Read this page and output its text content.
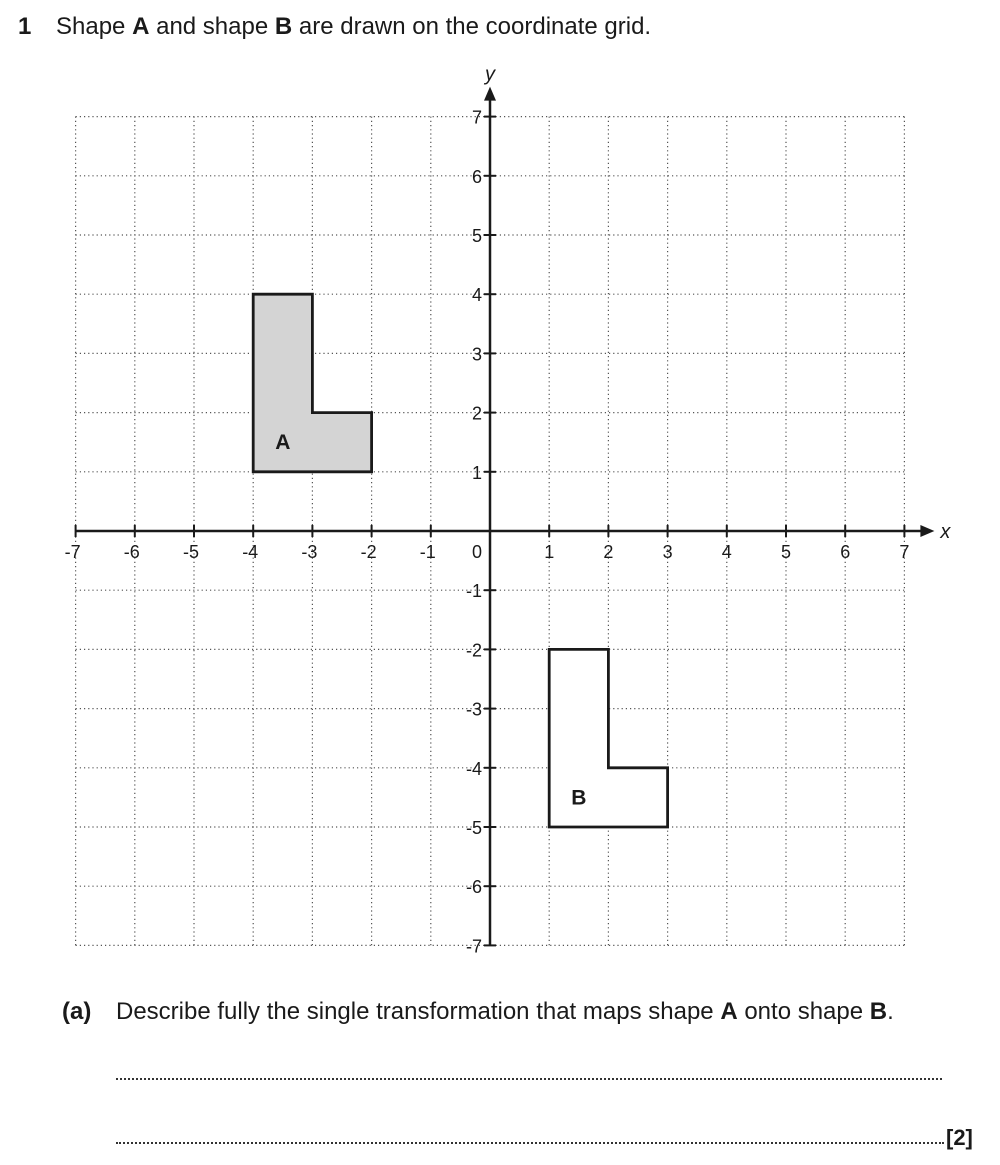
1 Shape A and shape B are drawn on the coordinate grid.
A
B
-7 -6 -5 -4 -3 -2 -1	1	2	3	4	5	6	7
-7
-6
-5
-4
-3
-2
-1
1
2
3
4
5
6
7
0
x
y
(a) Describe fully the single transformation that maps shape A onto shape B.
[2]
